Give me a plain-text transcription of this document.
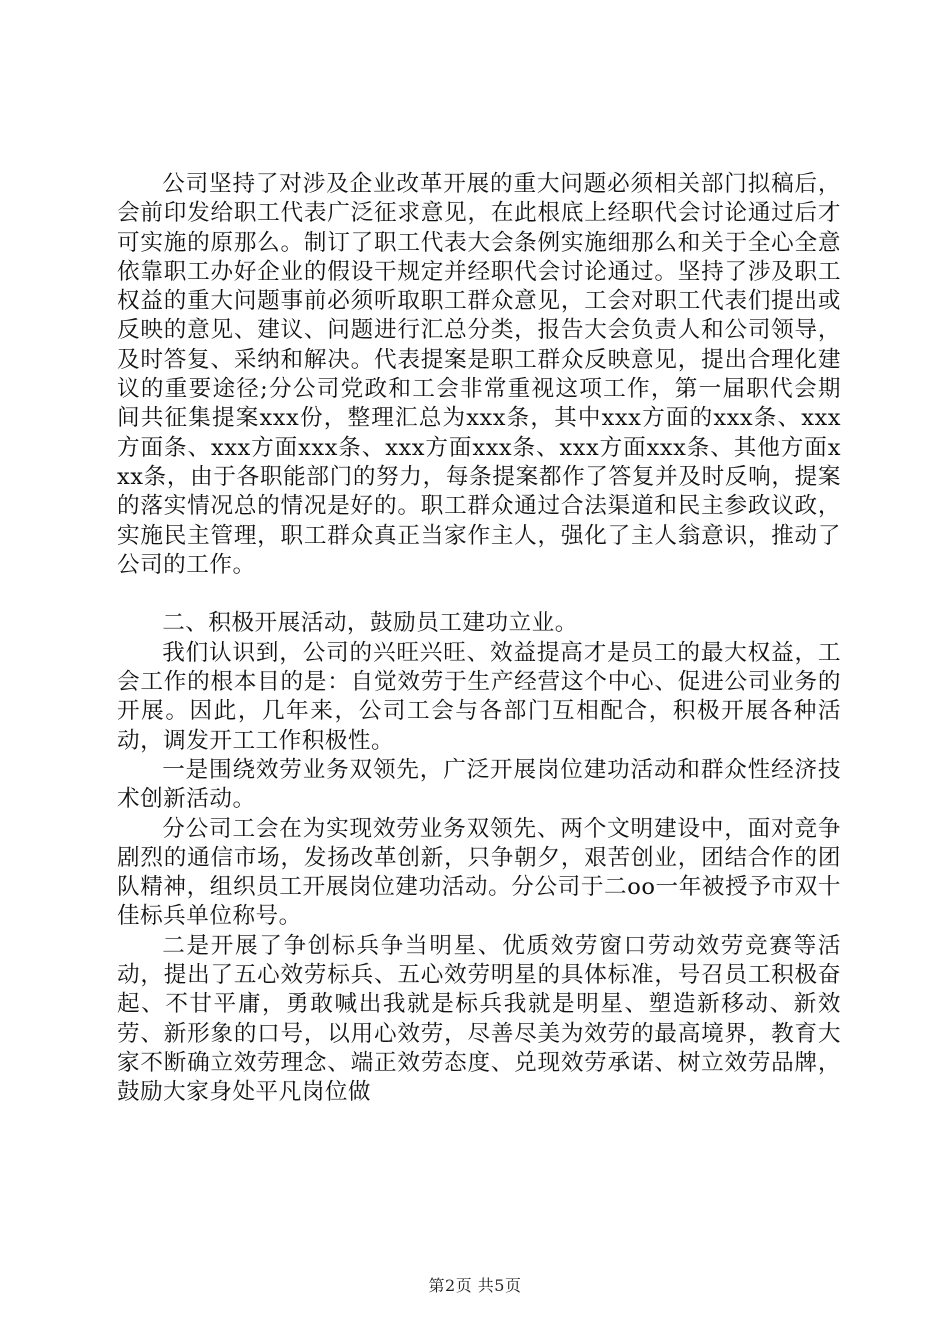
公司坚持了对涉及企业改革开展的重大问题必须相关部门拟稿后，会前印发给职工代表广泛征求意见，在此根底上经职代会讨论通过后才可实施的原那么。制订了职工代表大会条例实施细那么和关于全心全意依靠职工办好企业的假设干规定并经职代会讨论通过。坚持了涉及职工权益的重大问题事前必须听取职工群众意见，工会对职工代表们提出或反映的意见、建议、问题进行汇总分类，报告大会负责人和公司领导，及时答复、采纳和解决。代表提案是职工群众反映意见，提出合理化建议的重要途径;分公司党政和工会非常重视这项工作，第一届职代会期间共征集提案xxx份，整理汇总为xxx条，其中xxx方面的xxx条、xxx方面条、xxx方面xxx条、xxx方面xxx条、xxx方面xxx条、其他方面xxx条，由于各职能部门的努力，每条提案都作了答复并及时反响，提案的落实情况总的情况是好的。职工群众通过合法渠道和民主参政议政，实施民主管理，职工群众真正当家作主人，强化了主人翁意识，推动了公司的工作。

二、积极开展活动，鼓励员工建功立业。

我们认识到，公司的兴旺兴旺、效益提高才是员工的最大权益，工会工作的根本目的是：自觉效劳于生产经营这个中心、促进公司业务的开展。因此，几年来，公司工会与各部门互相配合，积极开展各种活动，调发开工工作积极性。

一是围绕效劳业务双领先，广泛开展岗位建功活动和群众性经济技术创新活动。

分公司工会在为实现效劳业务双领先、两个文明建设中，面对竞争剧烈的通信市场，发扬改革创新，只争朝夕，艰苦创业，团结合作的团队精神，组织员工开展岗位建功活动。分公司于二oo一年被授予市双十佳标兵单位称号。

二是开展了争创标兵争当明星、优质效劳窗口劳动效劳竞赛等活动，提出了五心效劳标兵、五心效劳明星的具体标准，号召员工积极奋起、不甘平庸，勇敢喊出我就是标兵我就是明星、塑造新移动、新效劳、新形象的口号，以用心效劳，尽善尽美为效劳的最高境界，教育大家不断确立效劳理念、端正效劳态度、兑现效劳承诺、树立效劳品牌，鼓励大家身处平凡岗位做

第2页 共5页
